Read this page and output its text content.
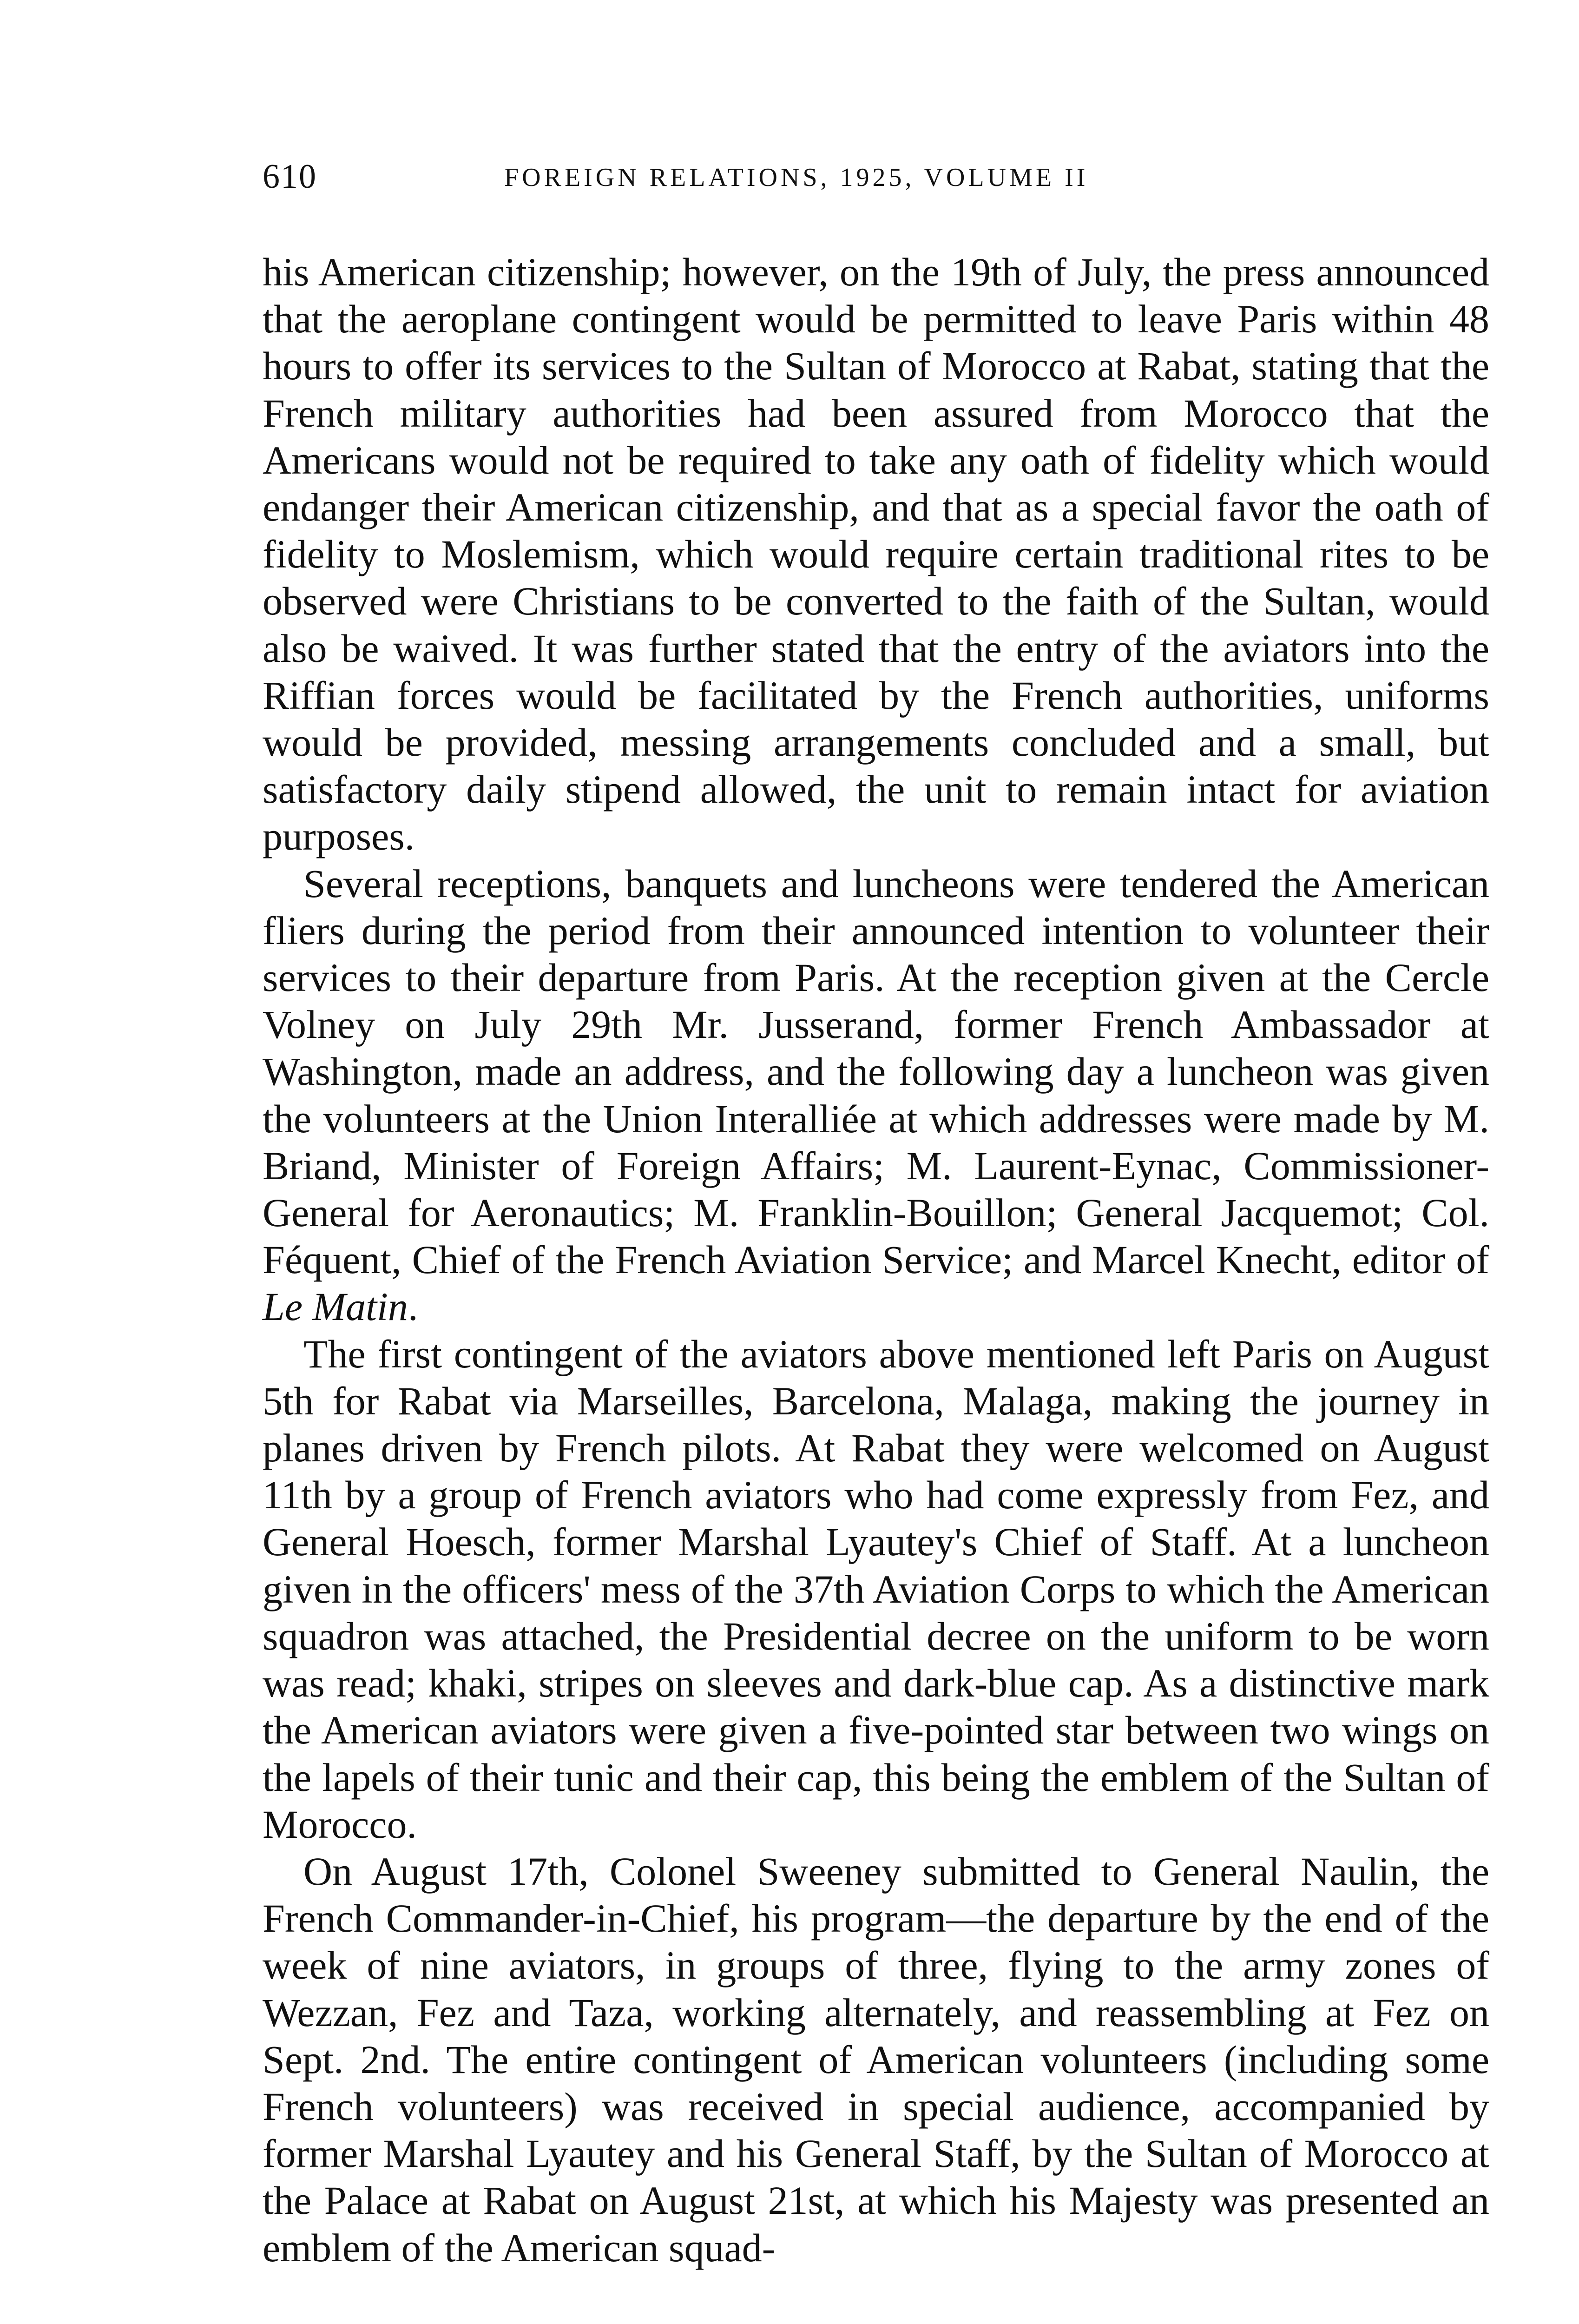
610	FOREIGN RELATIONS, 1925, VOLUME II

his American citizenship; however, on the 19th of July, the press announced that the aeroplane contingent would be permitted to leave Paris within 48 hours to offer its services to the Sultan of Morocco at Rabat, stating that the French military authorities had been assured from Morocco that the Americans would not be required to take any oath of fidelity which would endanger their American citizenship, and that as a special favor the oath of fidelity to Moslemism, which would require certain traditional rites to be observed were Christians to be converted to the faith of the Sultan, would also be waived. It was further stated that the entry of the aviators into the Riffian forces would be facilitated by the French authorities, uniforms would be provided, messing arrangements concluded and a small, but satisfactory daily stipend allowed, the unit to remain intact for aviation purposes.

Several receptions, banquets and luncheons were tendered the American fliers during the period from their announced intention to volunteer their services to their departure from Paris. At the reception given at the Cercle Volney on July 29th Mr. Jusserand, former French Ambassador at Washington, made an address, and the following day a luncheon was given the volunteers at the Union Interalliée at which addresses were made by M. Briand, Minister of Foreign Affairs; M. Laurent-Eynac, Commissioner-General for Aeronautics; M. Franklin-Bouillon; General Jacquemot; Col. Féquent, Chief of the French Aviation Service; and Marcel Knecht, editor of Le Matin.

The first contingent of the aviators above mentioned left Paris on August 5th for Rabat via Marseilles, Barcelona, Malaga, making the journey in planes driven by French pilots. At Rabat they were welcomed on August 11th by a group of French aviators who had come expressly from Fez, and General Hoesch, former Marshal Lyautey's Chief of Staff. At a luncheon given in the officers' mess of the 37th Aviation Corps to which the American squadron was attached, the Presidential decree on the uniform to be worn was read; khaki, stripes on sleeves and dark-blue cap. As a distinctive mark the American aviators were given a five-pointed star between two wings on the lapels of their tunic and their cap, this being the emblem of the Sultan of Morocco.

On August 17th, Colonel Sweeney submitted to General Naulin, the French Commander-in-Chief, his program—the departure by the end of the week of nine aviators, in groups of three, flying to the army zones of Wezzan, Fez and Taza, working alternately, and reassembling at Fez on Sept. 2nd. The entire contingent of American volunteers (including some French volunteers) was received in special audience, accompanied by former Marshal Lyautey and his General Staff, by the Sultan of Morocco at the Palace at Rabat on August 21st, at which his Majesty was presented an emblem of the American squad-
